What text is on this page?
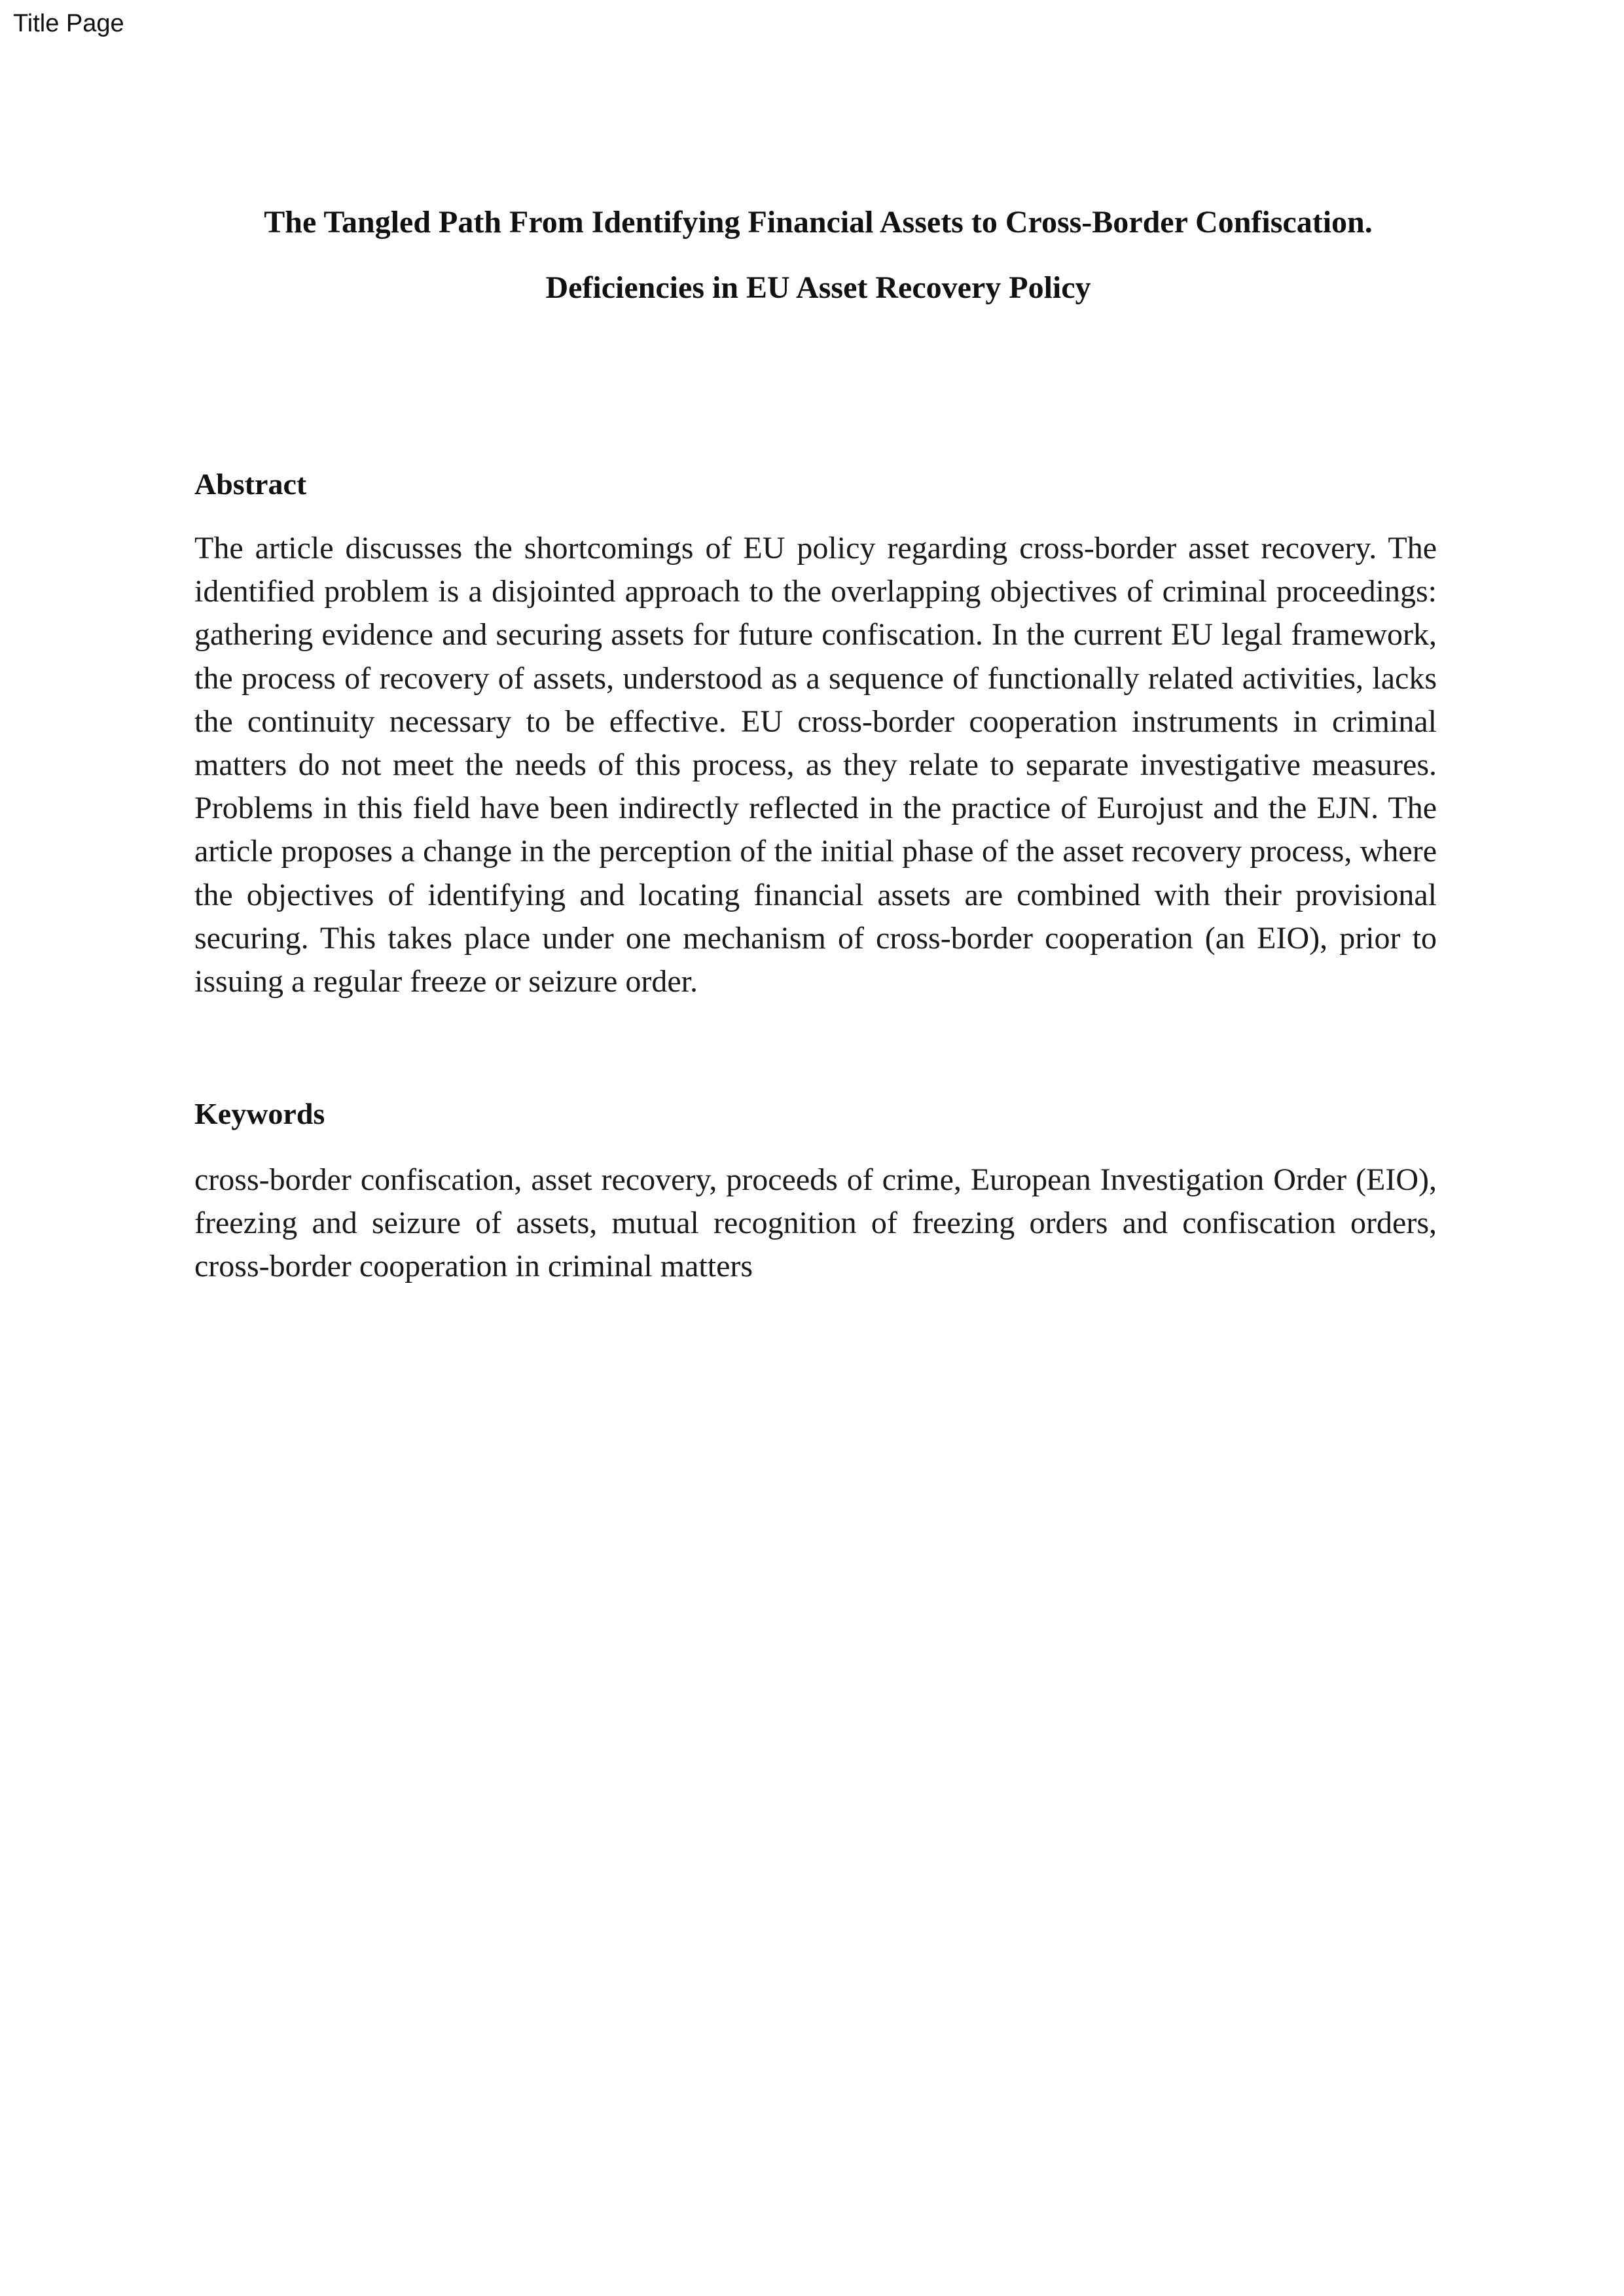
Title Page
The Tangled Path From Identifying Financial Assets to Cross-Border Confiscation.
Deficiencies in EU Asset Recovery Policy
Abstract

The article discusses the shortcomings of EU policy regarding cross-border asset recovery. The identified problem is a disjointed approach to the overlapping objectives of criminal proceedings: gathering evidence and securing assets for future confiscation. In the current EU legal framework, the process of recovery of assets, understood as a sequence of functionally related activities, lacks the continuity necessary to be effective. EU cross-border cooperation instruments in criminal matters do not meet the needs of this process, as they relate to separate investigative measures. Problems in this field have been indirectly reflected in the practice of Eurojust and the EJN. The article proposes a change in the perception of the initial phase of the asset recovery process, where the objectives of identifying and locating financial assets are combined with their provisional securing. This takes place under one mechanism of cross-border cooperation (an EIO), prior to issuing a regular freeze or seizure order.

Keywords

cross-border confiscation, asset recovery, proceeds of crime, European Investigation Order (EIO), freezing and seizure of assets, mutual recognition of freezing orders and confiscation orders, cross-border cooperation in criminal matters
